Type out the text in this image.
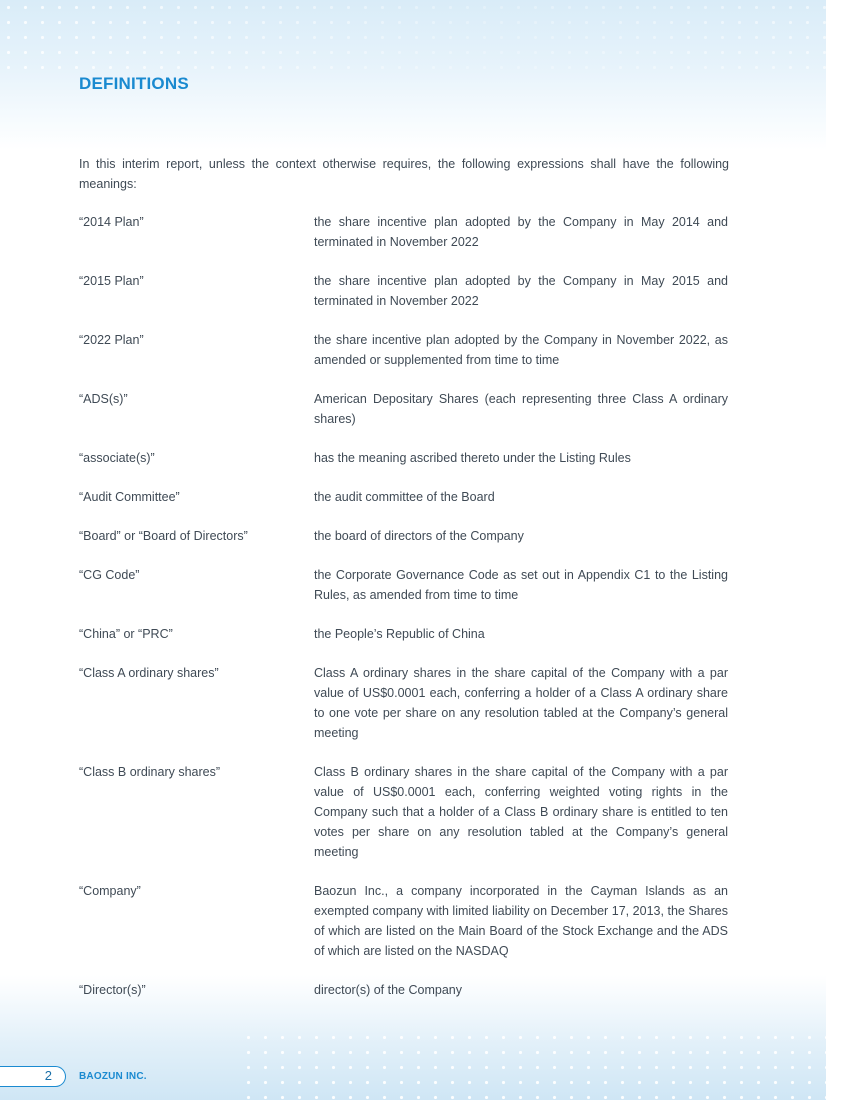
DEFINITIONS

In this interim report, unless the context otherwise requires, the following expressions shall have the following meanings:

“2014 Plan”	the share incentive plan adopted by the Company in May 2014 and terminated in November 2022
“2015 Plan”	the share incentive plan adopted by the Company in May 2015 and terminated in November 2022
“2022 Plan”	the share incentive plan adopted by the Company in November 2022, as amended or supplemented from time to time
“ADS(s)”	American Depositary Shares (each representing three Class A ordinary shares)
“associate(s)”	has the meaning ascribed thereto under the Listing Rules
“Audit Committee”	the audit committee of the Board
“Board” or “Board of Directors”	the board of directors of the Company
“CG Code”	the Corporate Governance Code as set out in Appendix C1 to the Listing Rules, as amended from time to time
“China” or “PRC”	the People’s Republic of China
“Class A ordinary shares”	Class A ordinary shares in the share capital of the Company with a par value of US$0.0001 each, conferring a holder of a Class A ordinary share to one vote per share on any resolution tabled at the Company’s general meeting
“Class B ordinary shares”	Class B ordinary shares in the share capital of the Company with a par value of US$0.0001 each, conferring weighted voting rights in the Company such that a holder of a Class B ordinary share is entitled to ten votes per share on any resolution tabled at the Company’s general meeting
“Company”	Baozun Inc., a company incorporated in the Cayman Islands as an exempted company with limited liability on December 17, 2013, the Shares of which are listed on the Main Board of the Stock Exchange and the ADS of which are listed on the NASDAQ
“Director(s)”	director(s) of the Company
2	BAOZUN INC.
